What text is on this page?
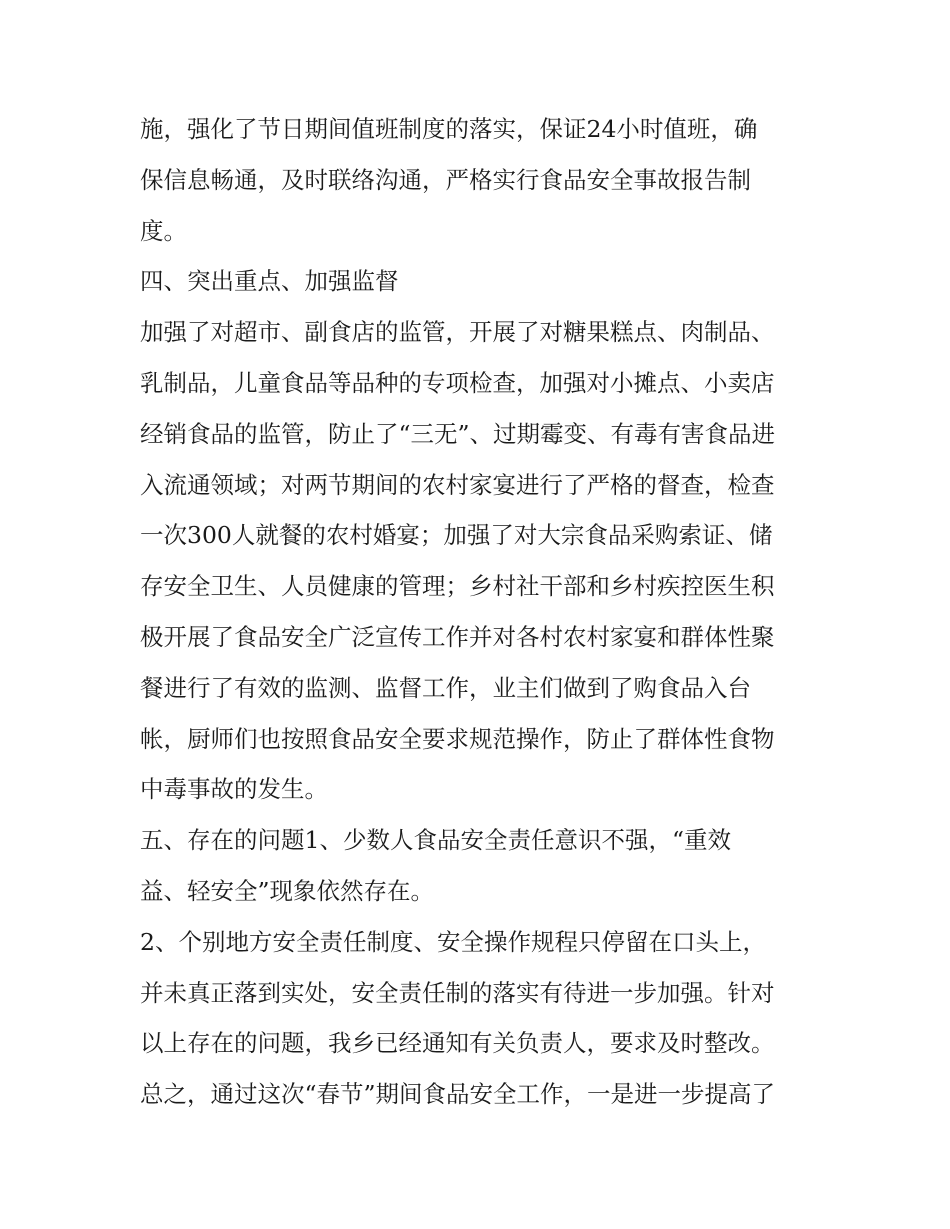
施，强化了节日期间值班制度的落实，保证24小时值班，确
保信息畅通，及时联络沟通，严格实行食品安全事故报告制
度。
四、突出重点、加强监督
加强了对超市、副食店的监管，开展了对糖果糕点、肉制品、
乳制品，儿童食品等品种的专项检查，加强对小摊点、小卖店
经销食品的监管，防止了“三无”、过期霉变、有毒有害食品进
入流通领域；对两节期间的农村家宴进行了严格的督查，检查
一次300人就餐的农村婚宴；加强了对大宗食品采购索证、储
存安全卫生、人员健康的管理；乡村社干部和乡村疾控医生积
极开展了食品安全广泛宣传工作并对各村农村家宴和群体性聚
餐进行了有效的监测、监督工作，业主们做到了购食品入台
帐，厨师们也按照食品安全要求规范操作，防止了群体性食物
中毒事故的发生。
五、存在的问题1、少数人食品安全责任意识不强，“重效
益、轻安全”现象依然存在。
2、个别地方安全责任制度、安全操作规程只停留在口头上，
并未真正落到实处，安全责任制的落实有待进一步加强。针对
以上存在的问题，我乡已经通知有关负责人，要求及时整改。
总之，通过这次“春节”期间食品安全工作，一是进一步提高了
